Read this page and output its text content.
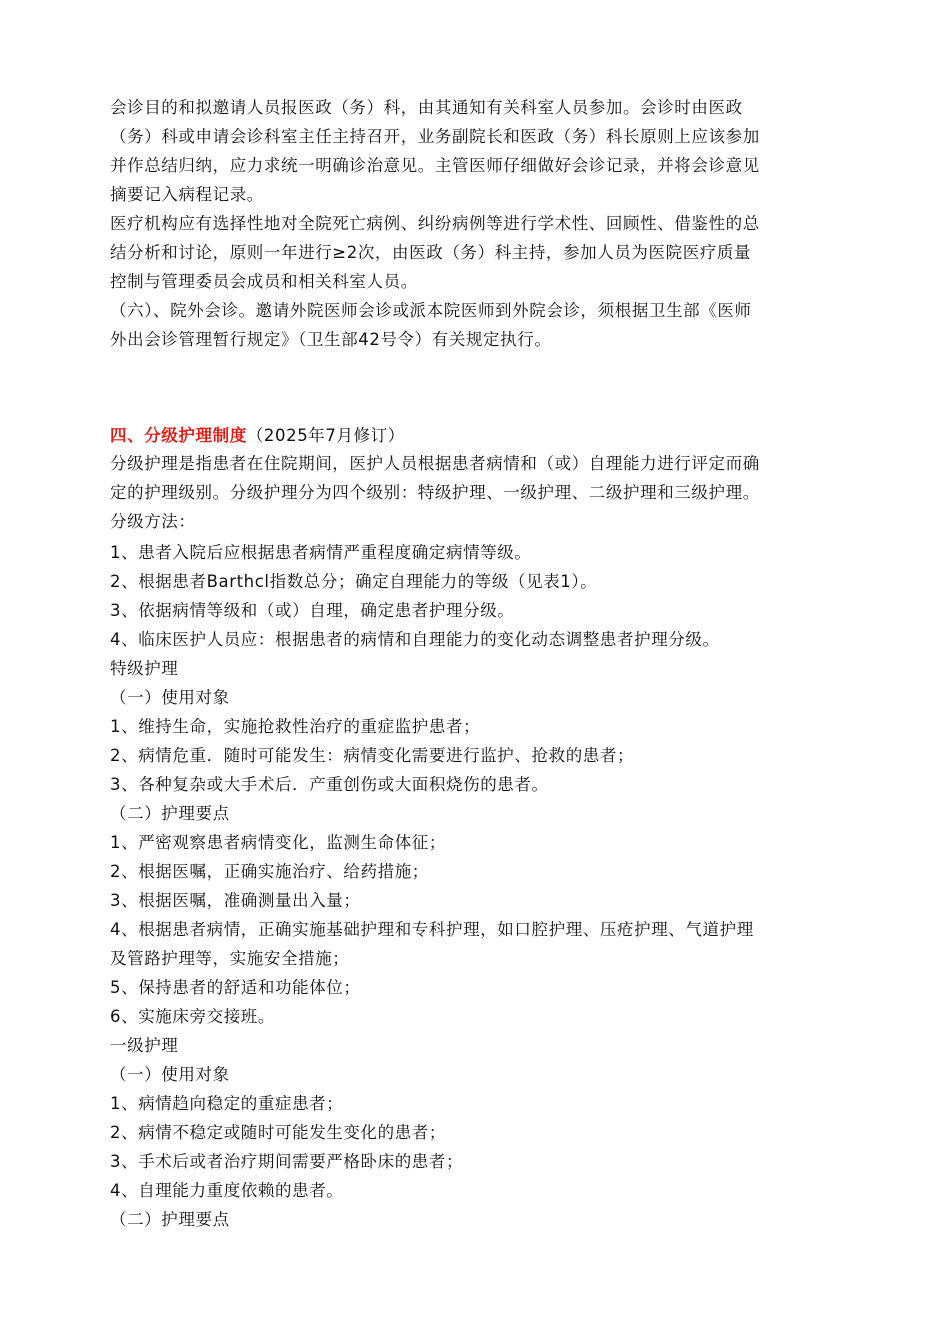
会诊目的和拟邀请人员报医政（务）科，由其通知有关科室人员参加。会诊时由医政
（务）科或申请会诊科室主任主持召开，业务副院长和医政（务）科长原则上应该参加
并作总结归纳，应力求统一明确诊治意见。主管医师仔细做好会诊记录，并将会诊意见
摘要记入病程记录。
医疗机构应有选择性地对全院死亡病例、纠纷病例等进行学术性、回顾性、借鉴性的总
结分析和讨论，原则一年进行≥2次，由医政（务）科主持，参加人员为医院医疗质量
控制与管理委员会成员和相关科室人员。
（六）、院外会诊。邀请外院医师会诊或派本院医师到外院会诊，须根据卫生部《医师
外出会诊管理暂行规定》（卫生部42号令）有关规定执行。
四、分级护理制度（2025年7月修订）
分级护理是指患者在住院期间，医护人员根据患者病情和（或）自理能力进行评定而确
定的护理级别。分级护理分为四个级别：特级护理、一级护理、二级护理和三级护理。
分级方法：
1、患者入院后应根据患者病情严重程度确定病情等级。
2、根据患者Barthcl指数总分；确定自理能力的等级（见表1）。
3、依据病情等级和（或）自理，确定患者护理分级。
4、临床医护人员应：根据患者的病情和自理能力的变化动态调整患者护理分级。
特级护理
（一）使用对象
1、维持生命，实施抢救性治疗的重症监护患者；
2、病情危重．随时可能发生：病情变化需要进行监护、抢救的患者；
3、各种复杂或大手术后．产重创伤或大面积烧伤的患者。
（二）护理要点
1、严密观察患者病情变化，监测生命体征；
2、根据医嘱，正确实施治疗、给药措施；
3、根据医嘱，准确测量出入量；
4、根据患者病情，正确实施基础护理和专科护理，如口腔护理、压疮护理、气道护理
及管路护理等，实施安全措施；
5、保持患者的舒适和功能体位；
6、实施床旁交接班。
一级护理
（一）使用对象
1、病情趋向稳定的重症患者；
2、病情不稳定或随时可能发生变化的患者；
3、手术后或者治疗期间需要严格卧床的患者；
4、自理能力重度依赖的患者。
（二）护理要点
